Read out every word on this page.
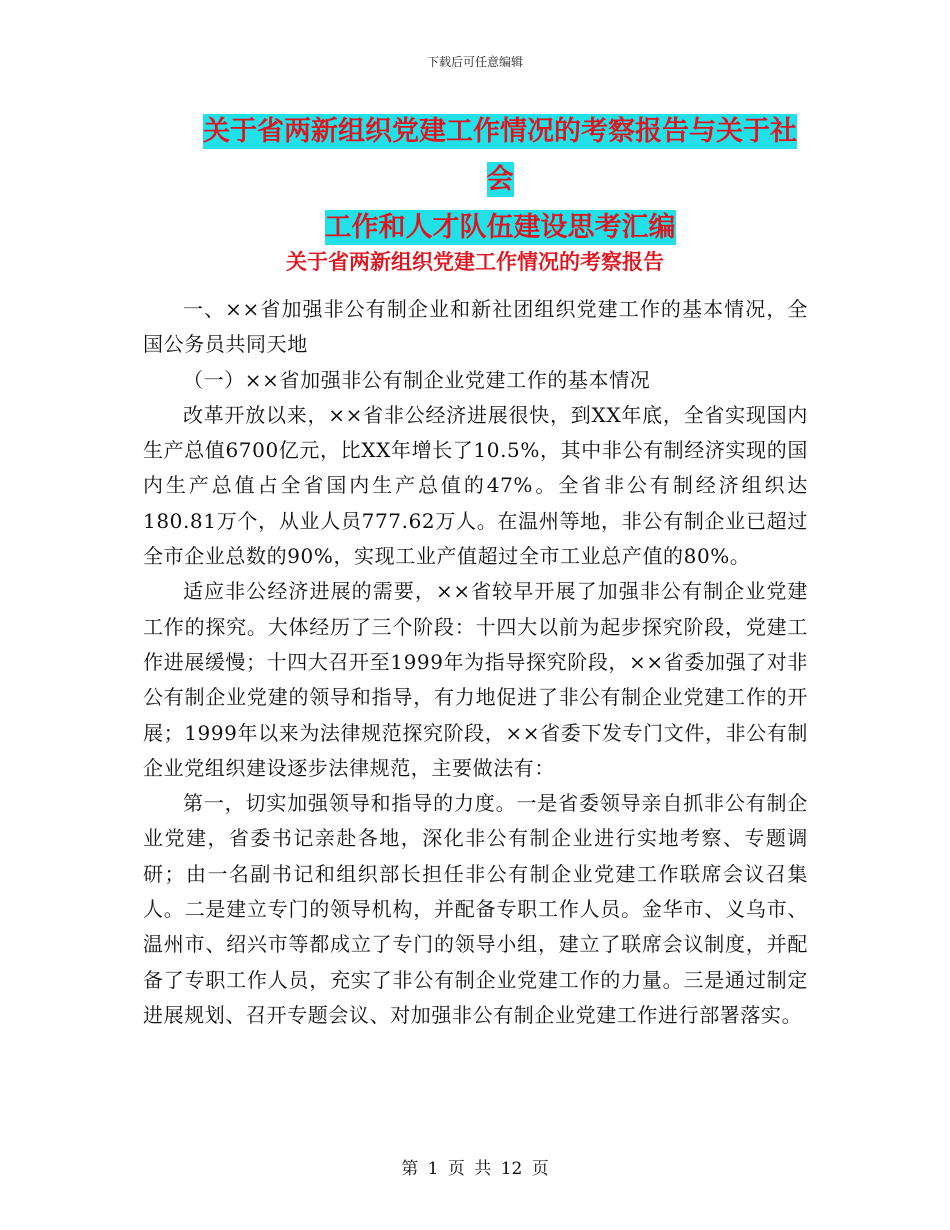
下载后可任意编辑
关于省两新组织党建工作情况的考察报告与关于社会
工作和人才队伍建设思考汇编
关于省两新组织党建工作情况的考察报告

一、××省加强非公有制企业和新社团组织党建工作的基本情况，全国公务员共同天地

（一）××省加强非公有制企业党建工作的基本情况

改革开放以来，××省非公经济进展很快，到XX年底，全省实现国内生产总值6700亿元，比XX年增长了10.5%，其中非公有制经济实现的国内生产总值占全省国内生产总值的47%。全省非公有制经济组织达180.81万个，从业人员777.62万人。在温州等地，非公有制企业已超过全市企业总数的90%，实现工业产值超过全市工业总产值的80%。

适应非公经济进展的需要，××省较早开展了加强非公有制企业党建工作的探究。大体经历了三个阶段：十四大以前为起步探究阶段，党建工作进展缓慢；十四大召开至1999年为指导探究阶段，××省委加强了对非公有制企业党建的领导和指导，有力地促进了非公有制企业党建工作的开展；1999年以来为法律规范探究阶段，××省委下发专门文件，非公有制企业党组织建设逐步法律规范，主要做法有：

第一，切实加强领导和指导的力度。一是省委领导亲自抓非公有制企业党建，省委书记亲赴各地，深化非公有制企业进行实地考察、专题调研；由一名副书记和组织部长担任非公有制企业党建工作联席会议召集人。二是建立专门的领导机构，并配备专职工作人员。金华市、义乌市、温州市、绍兴市等都成立了专门的领导小组，建立了联席会议制度，并配备了专职工作人员，充实了非公有制企业党建工作的力量。三是通过制定进展规划、召开专题会议、对加强非公有制企业党建工作进行部署落实。

第 1 页 共 12 页
